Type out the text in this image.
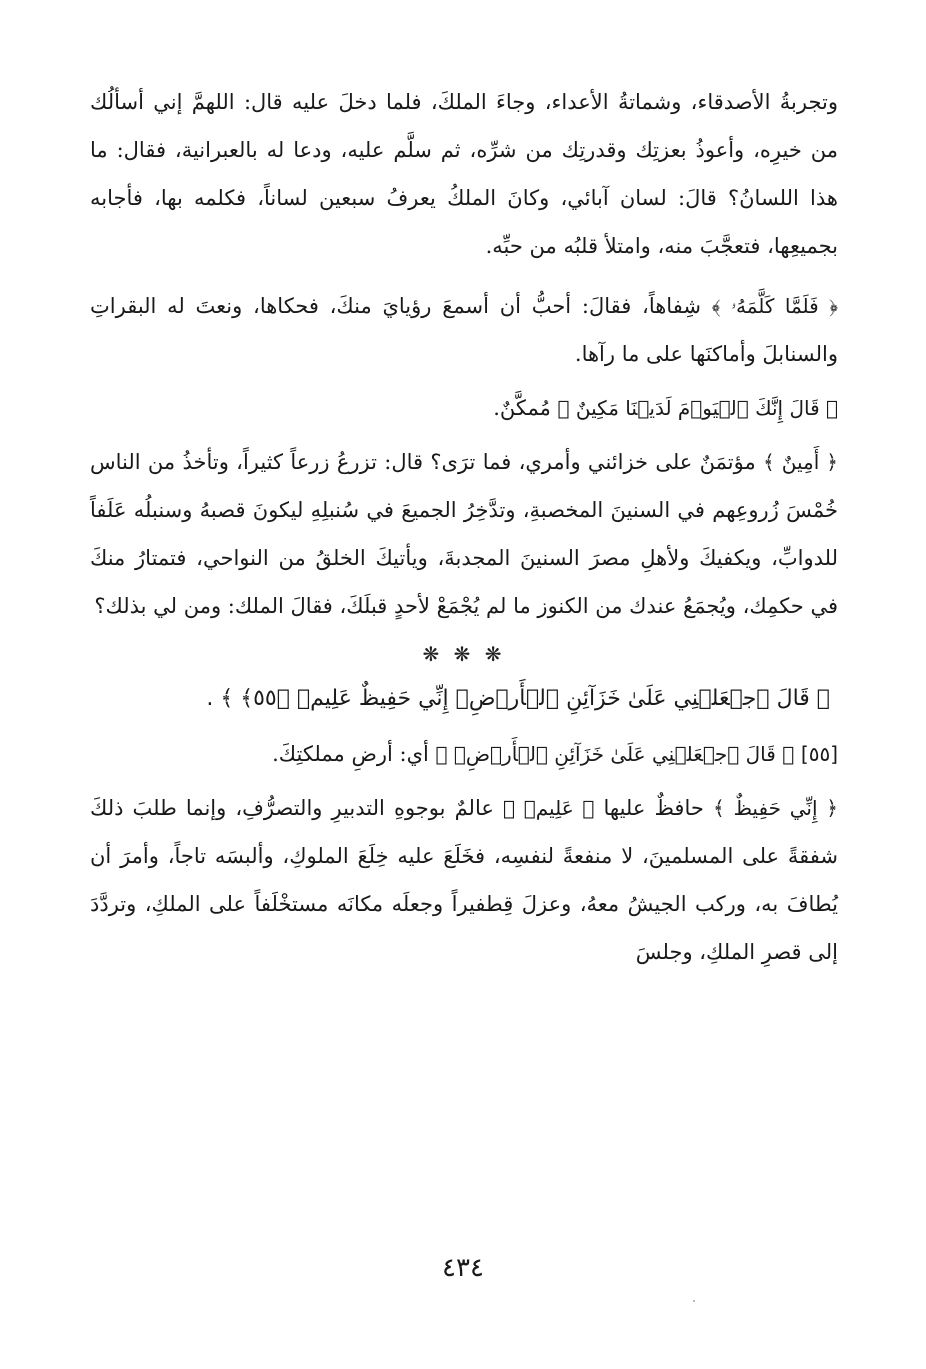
وتجربةُ الأصدقاء، وشماتةُ الأعداء، وجاءَ الملكَ، فلما دخلَ عليه قال: اللهمَّ إني أسألُك من خيرِه، وأعوذُ بعزتِك وقدرتِك من شرِّه، ثم سلَّم عليه، ودعا له بالعبرانية، فقال: ما هذا اللسانُ؟ قالَ: لسان آبائي، وكانَ الملكُ يعرفُ سبعين لساناً، فكلمه بها، فأجابه بجميعِها، فتعجَّبَ منه، وامتلأ قلبُه من حبِّه.

﴿ فَلَمَّا كَلَّمَهُۥ ﴾ شِفاهاً، فقالَ: أحبُّ أن أسمعَ رؤيايَ منكَ، فحكاها، ونعتَ له البقراتِ والسنابلَ وأماكنَها على ما رآها.

﴿ قَالَ إِنَّكَ ٱلۡيَوۡمَ لَدَيۡنَا مَكِينٌ ﴾ مُمكَّنٌ.

﴿ أَمِينٌ ﴾ مؤتمَنٌ على خزائني وأمري، فما ترَى؟ قال: تزرعُ زرعاً كثيراً، وتأخذُ من الناس خُمْسَ زُروعِهم في السنينَ المخصبةِ، وتدَّخِرُ الجميعَ في سُنبلِهِ ليكونَ قصبهُ وسنبلُه عَلَفاً للدوابِّ، ويكفيكَ ولأهلِ مصرَ السنينَ المجدبةَ، ويأتيكَ الخلقُ من النواحي، فتمتارُ منكَ في حكمِك، ويُجمَعُ عندك من الكنوز ما لم يُجْمَعْ لأحدٍ قبلَكَ، فقالَ الملك: ومن لي بذلك؟

❋ ❋ ❋
﴿ قَالَ ٱجۡعَلۡنِي عَلَىٰ خَزَآئِنِ ٱلۡأَرۡضِۖ إِنِّي حَفِيظٌ عَلِيمٞ ﴿٥٥﴾ ﴾ .

[٥٥] ﴿ قَالَ ٱجۡعَلۡنِي عَلَىٰ خَزَآئِنِ ٱلۡأَرۡضِۖ ﴾ أي: أرضِ مملكتِكَ.

﴿ إِنِّي حَفِيظٌ ﴾ حافظٌ عليها ﴿ عَلِيمٞ ﴾ عالمٌ بوجوهِ التدبيرِ والتصرُّفِ، وإنما طلبَ ذلكَ شفقةً على المسلمينَ، لا منفعةً لنفسِه، فخَلَعَ عليه خِلَعَ الملوكِ، وألبسَه تاجاً، وأمرَ أن يُطافَ به، وركب الجيشُ معهُ، وعزلَ قِطفيراً وجعلَه مكانَه مستخْلَفاً على الملكِ، وتردَّدَ إلى قصرِ الملكِ، وجلسَ

٤٣٤
